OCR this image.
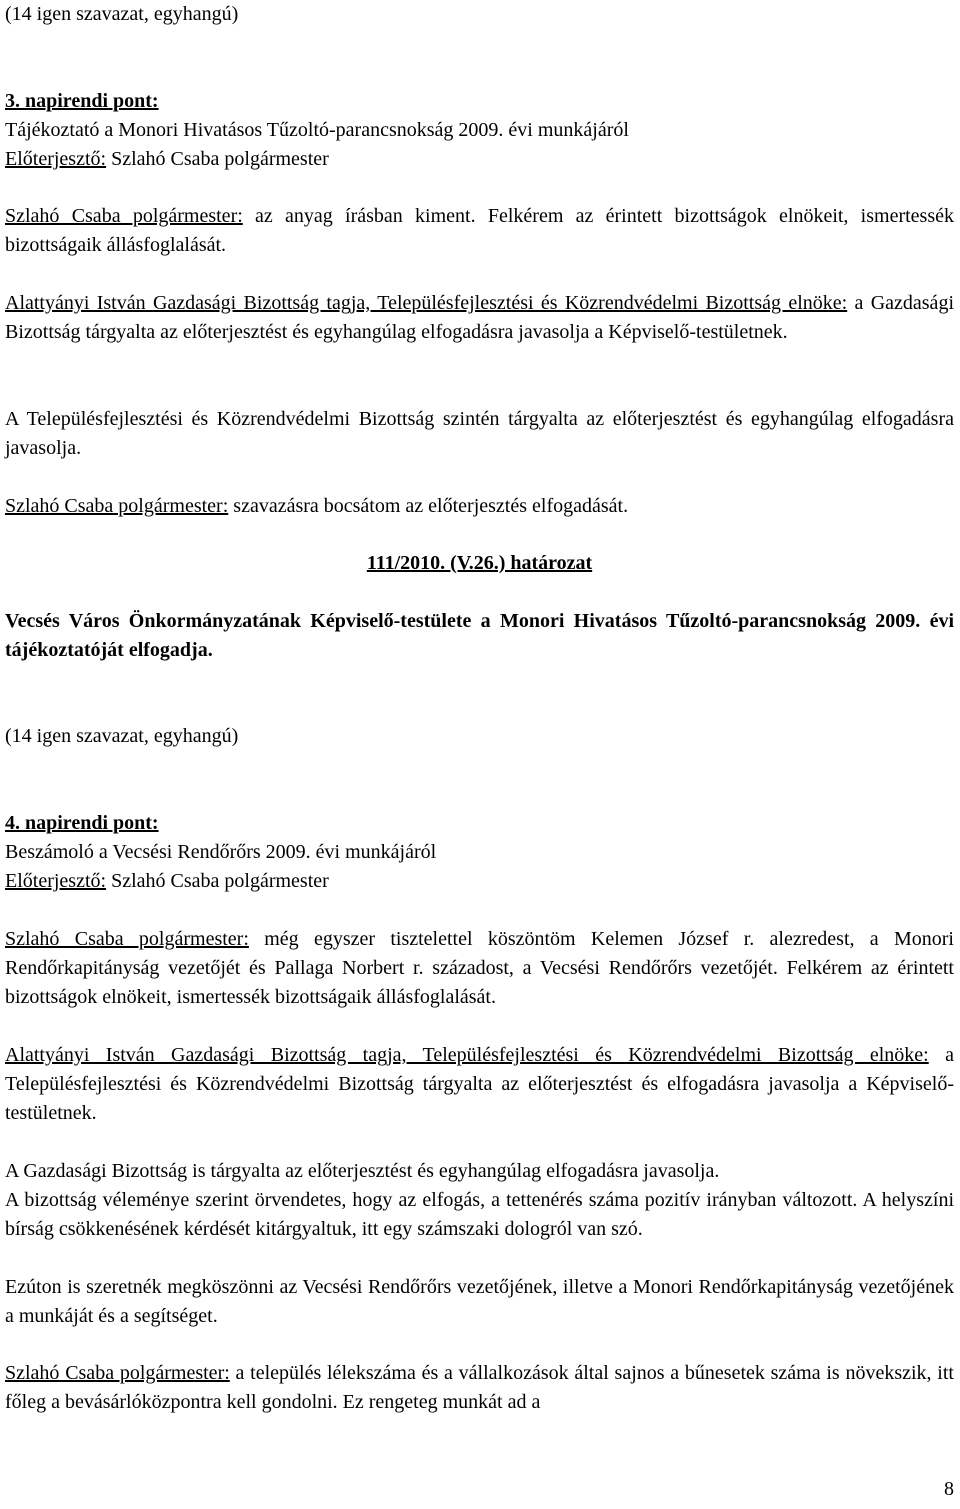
(14 igen szavazat, egyhangú)

3. napirendi pont:

Tájékoztató a Monori Hivatásos Tűzoltó-parancsnokság 2009. évi munkájáról

Előterjesztő: Szlahó Csaba polgármester

Szlahó Csaba polgármester: az anyag írásban kiment. Felkérem az érintett bizottságok elnökeit, ismertessék bizottságaik állásfoglalását.

Alattyányi István Gazdasági Bizottság tagja, Településfejlesztési és Közrendvédelmi Bizottság elnöke: a Gazdasági Bizottság tárgyalta az előterjesztést és egyhangúlag elfogadásra javasolja a Képviselő-testületnek.

A Településfejlesztési és Közrendvédelmi Bizottság szintén tárgyalta az előterjesztést és egyhangúlag elfogadásra javasolja.

Szlahó Csaba polgármester: szavazásra bocsátom az előterjesztés elfogadását.

111/2010. (V.26.) határozat

Vecsés Város Önkormányzatának Képviselő-testülete a Monori Hivatásos Tűzoltó-parancsnokság 2009. évi tájékoztatóját elfogadja.

(14 igen szavazat, egyhangú)

4. napirendi pont:

Beszámoló a Vecsési Rendőrőrs 2009. évi munkájáról

Előterjesztő: Szlahó Csaba polgármester

Szlahó Csaba polgármester: még egyszer tisztelettel köszöntöm Kelemen József r. alezredest, a Monori Rendőrkapitányság vezetőjét és Pallaga Norbert r. századost, a Vecsési Rendőrőrs vezetőjét. Felkérem az érintett bizottságok elnökeit, ismertessék bizottságaik állásfoglalását.

Alattyányi István Gazdasági Bizottság tagja, Településfejlesztési és Közrendvédelmi Bizottság elnöke: a Településfejlesztési és Közrendvédelmi Bizottság tárgyalta az előterjesztést és elfogadásra javasolja a Képviselő-testületnek.

A Gazdasági Bizottság is tárgyalta az előterjesztést és egyhangúlag elfogadásra javasolja.

A bizottság véleménye szerint örvendetes, hogy az elfogás, a tettenérés száma pozitív irányban változott. A helyszíni bírság csökkenésének kérdését kitárgyaltuk, itt egy számszaki dologról van szó.

Ezúton is szeretnék megköszönni az Vecsési Rendőrőrs vezetőjének, illetve a Monori Rendőrkapitányság vezetőjének a munkáját és a segítséget.

Szlahó Csaba polgármester: a település lélekszáma és a vállalkozások által sajnos a bűnesetek száma is növekszik, itt főleg a bevásárlóközpontra kell gondolni. Ez rengeteg munkát ad a

8
